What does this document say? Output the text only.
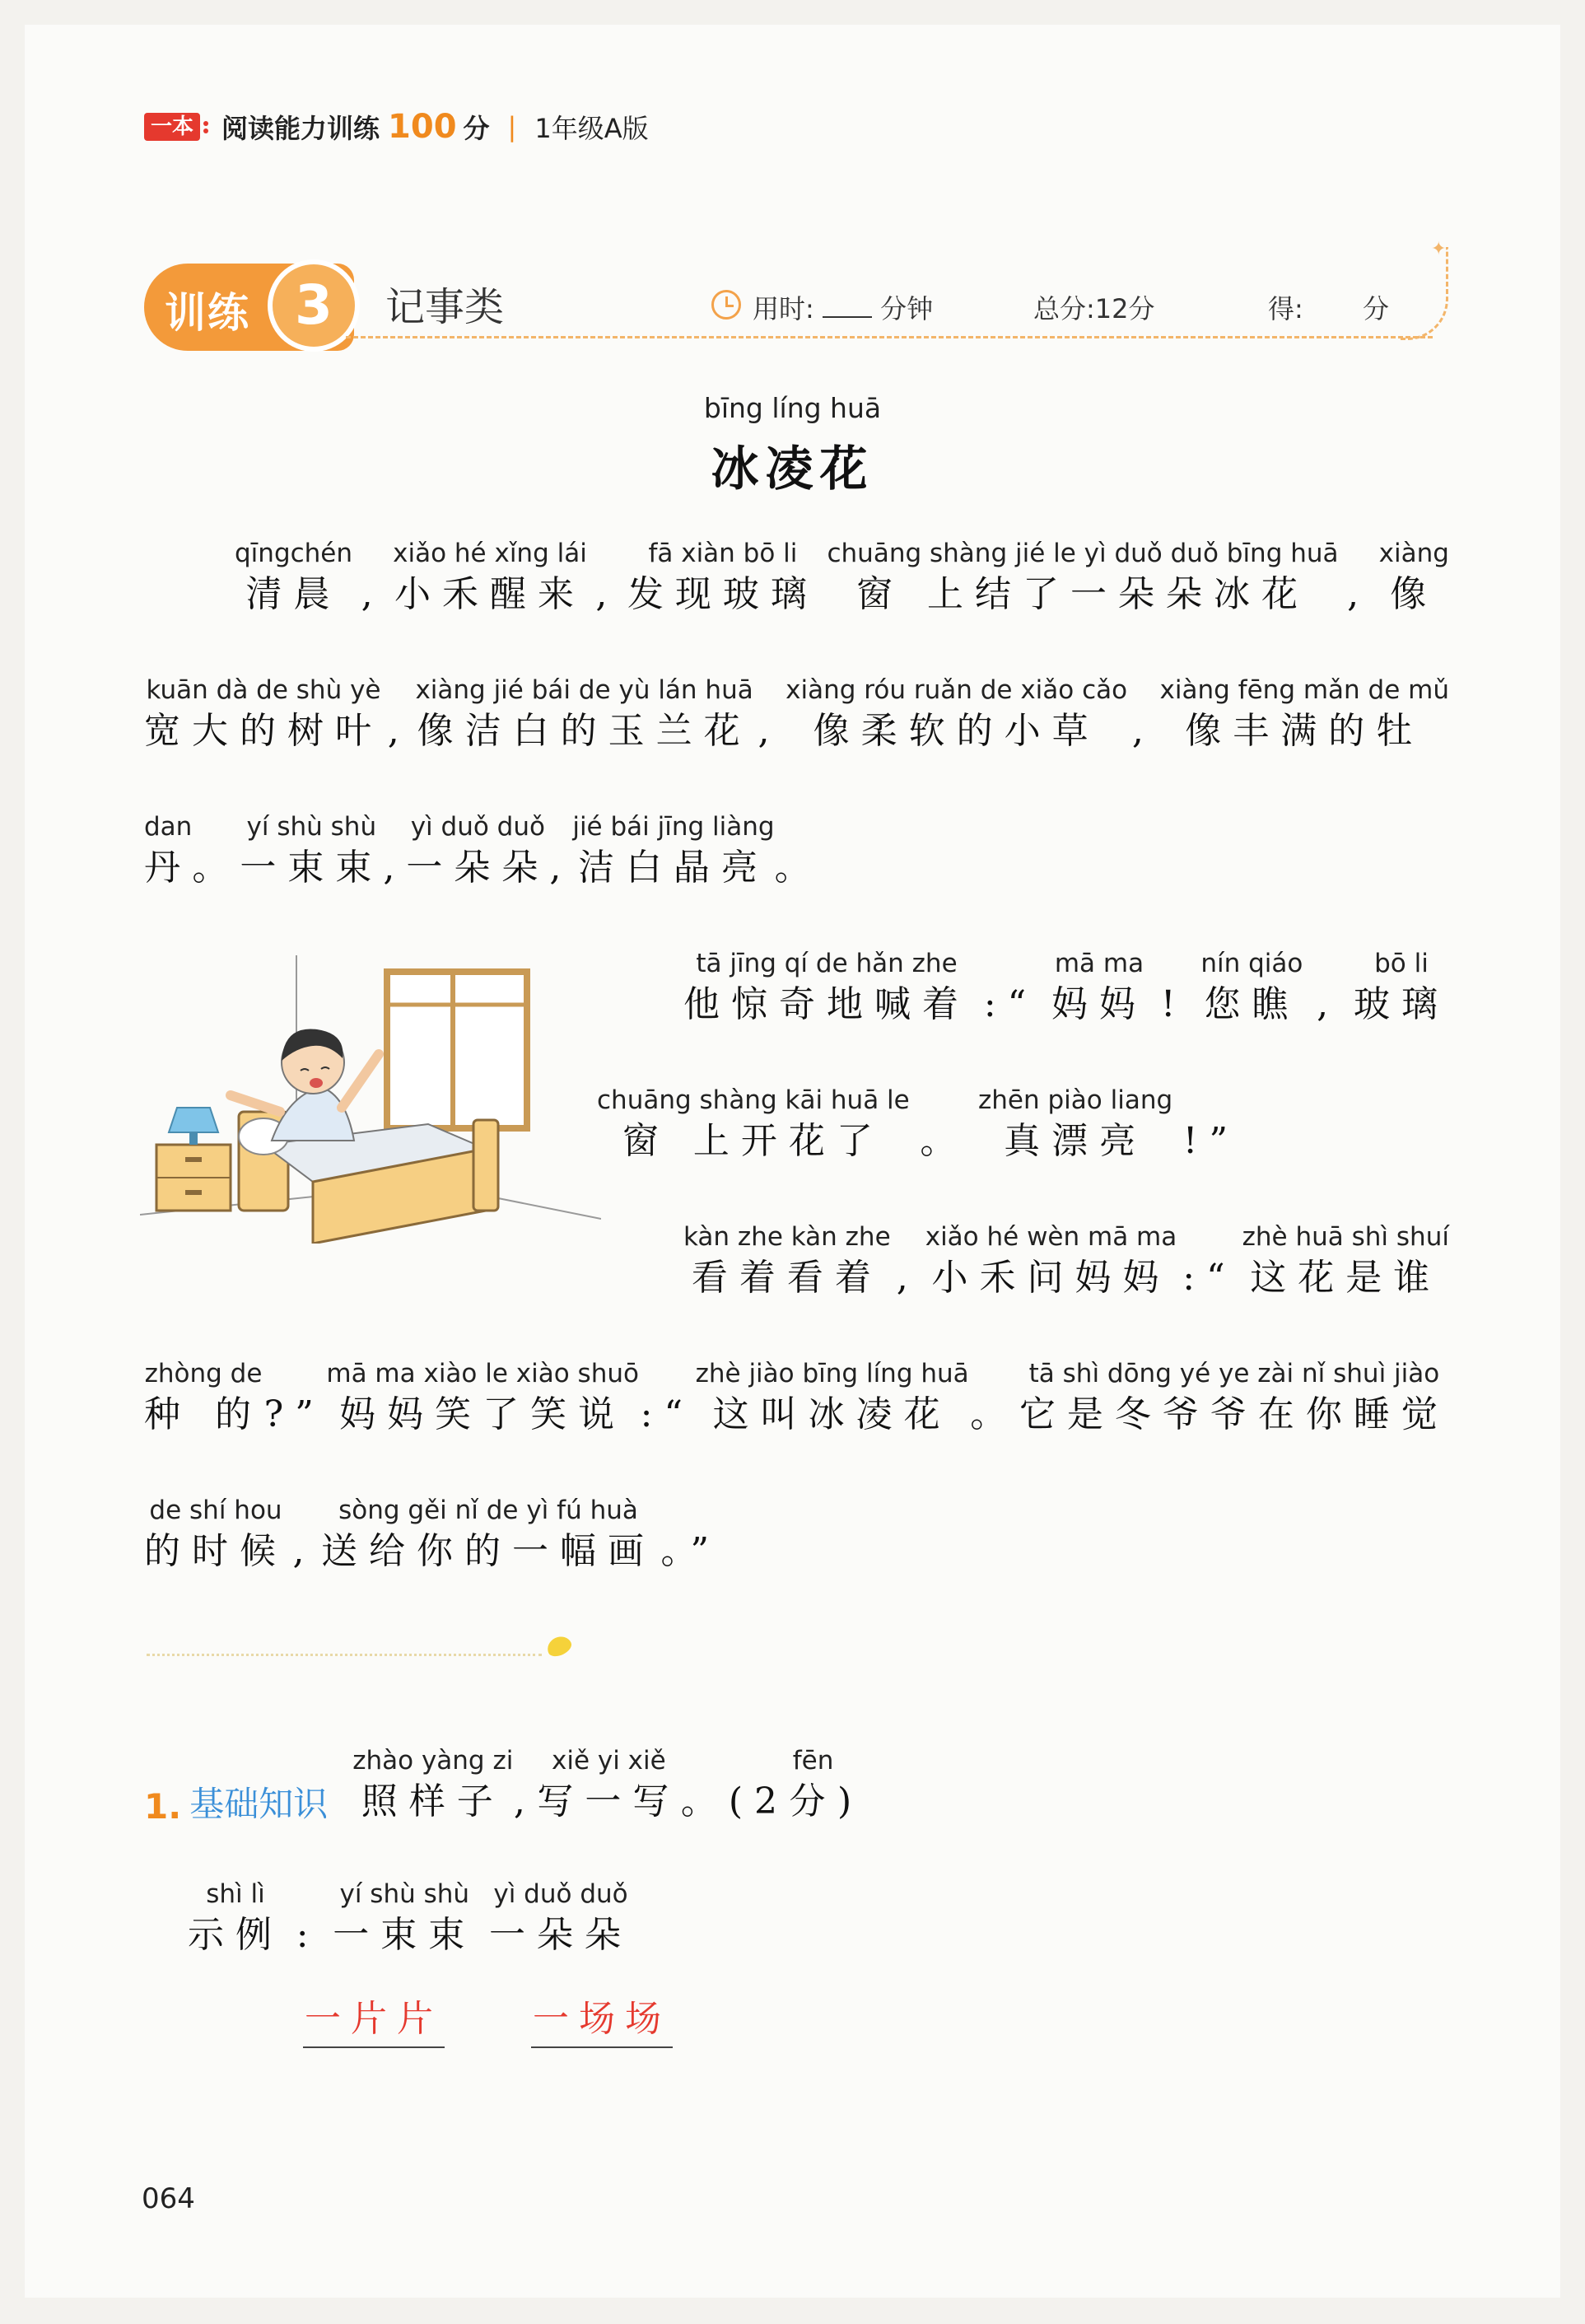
一本 阅读能力训练 100 分 | 1年级A版
训练 3	记事类
✦
用时:	分钟	总分:12分	得: 分
bīng líng huā
冰凌花
qīngchén
清晨 ,
xiǎo hé xǐng lái
小禾醒来 ,
fā xiàn bō li
发现玻璃
chuāng shàng jié le yì duǒ duǒ bīng huā
窗 上结了一朵朵冰花 ,
xiàng
像
kuān dà de shù yè
宽大的树叶 ,
xiàng jié bái de yù lán huā
像洁白的玉兰花 ,
xiàng róu ruǎn de xiǎo cǎo
像柔软的小草 ,
xiàng fēng mǎn de mǔ
像丰满的牡
dan
丹 。
yí shù shù
一束束 ,
yì duǒ duǒ
一朵朵 ,
jié bái jīng liàng
洁白晶亮 。
tā jīng qí de hǎn zhe
他惊奇地喊着 :“
mā ma
妈妈 !
nín qiáo
您瞧 ,
bō li
玻璃
chuāng shàng kāi huā le
窗 上开花了 。
zhēn piào liang
真漂亮 !”
kàn zhe kàn zhe
看着看着 ,
xiǎo hé wèn mā ma
小禾问妈妈 :“
zhè huā shì shuí
这花是谁
zhòng de
种 的 ?”
mā ma xiào le xiào shuō
妈妈笑了笑说 :“
zhè jiào bīng líng huā
这叫冰凌花 。
tā shì dōng yé ye zài nǐ shuì jiào
它是冬爷爷在你睡觉
de shí hou
的时候 ,
sòng gěi nǐ de yì fú huà
送给你的一幅画 。”
1. 基础知识
zhào yàng zi
照样子 ,
xiě yi xiě
写一写 。(2
fēn
分 )
shì lì
示例 :
yí shù shù
一束束
yì duǒ duǒ
一朵朵
一片片 一场场
064
